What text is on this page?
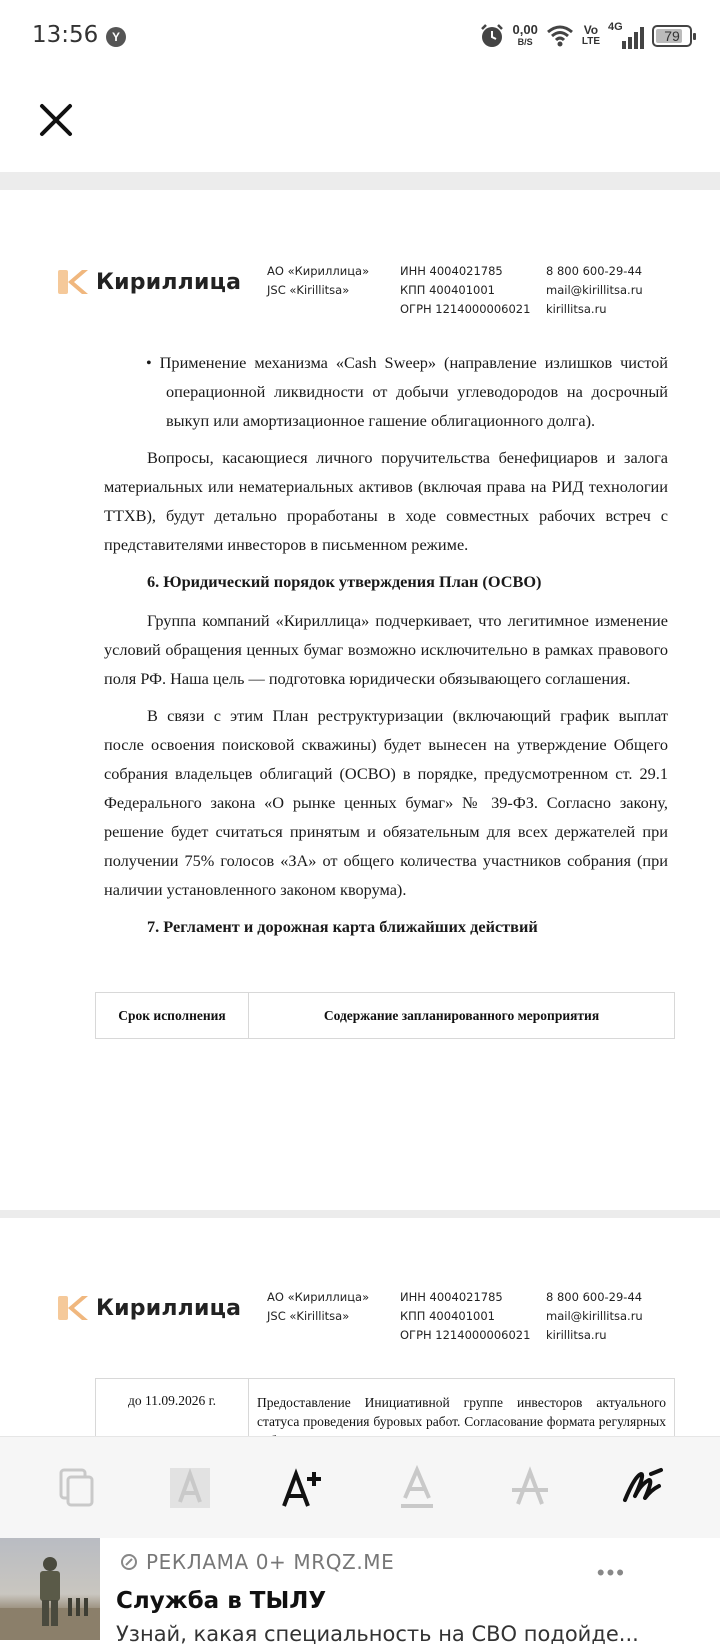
13:56	Y	0,00
B/S
Vo
LTE
4G
79
Кириллица АО «Кириллица»
JSC «Kirillitsa»
ИНН 4004021785
КПП 400401001
ОГРН 1214000006021
8 800 600-29-44
mail@kirillitsa.ru
kirillitsa.ru

• Применение механизма «Cash Sweep» (направление излишков чистой операционной ликвидности от добычи углеводородов на досрочный выкуп или амортизационное гашение облигационного долга).

Вопросы, касающиеся личного поручительства бенефициаров и залога материальных или нематериальных активов (включая права на РИД технологии ТТХВ), будут детально проработаны в ходе совместных рабочих встреч с представителями инвесторов в письменном режиме.

6. Юридический порядок утверждения План (ОСВО)

Группа компаний «Кириллица» подчеркивает, что легитимное изменение условий обращения ценных бумаг возможно исключительно в рамках правового поля РФ. Наша цель — подготовка юридически обязывающего соглашения.

В связи с этим План реструктуризации (включающий график выплат после освоения поисковой скважины) будет вынесен на утверждение Общего собрания владельцев облигаций (ОСВО) в порядке, предусмотренном ст. 29.1 Федерального закона «О рынке ценных бумаг» № 39-ФЗ. Согласно закону, решение будет считаться принятым и обязательным для всех держателей при получении 75% голосов «ЗА» от общего количества участников собрания (при наличии установленного законом кворума).

7. Регламент и дорожная карта ближайших действий

Срок исполнения	Содержание запланированного мероприятия
Кириллица АО «Кириллица»
JSC «Kirillitsa»
ИНН 4004021785
КПП 400401001
ОГРН 1214000006021
8 800 600-29-44
mail@kirillitsa.ru
kirillitsa.ru
до 11.09.2026 г.	Предоставление Инициативной группе инвесторов актуального статуса проведения буровых работ. Согласование формата регулярных
РЕКЛАМА 0+ MRQZ.ME
Служба в ТЫЛУ
Узнай, какая специальность на СВО подойде...
•••
